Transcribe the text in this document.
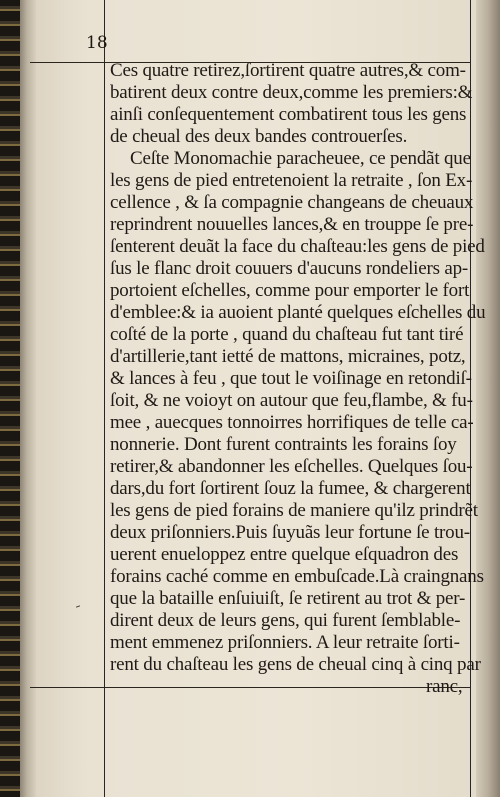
18
Ces quatre retirez,ſortirent quatre autres,& com-
batirent deux contre deux,comme les premiers:&
ainſi conſequentement combatirent tous les gens
de cheual des deux bandes controuerſes.
Ceſte Monomachie paracheuee, ce pendãt que
les gens de pied entretenoient la retraite , ſon Ex-
cellence , & ſa compagnie changeans de cheuaux
reprindrent nouuelles lances,& en trouppe ſe pre-
ſenterent deuãt la face du chaſteau:les gens de pied
ſus le flanc droit couuers d'aucuns rondeliers ap-
portoient eſchelles, comme pour emporter le fort
d'emblee:& ia auoient planté quelques eſchelles du
coſté de la porte , quand du chaſteau fut tant tiré
d'artillerie,tant ietté de mattons, micraines, potz,
& lances à feu , que tout le voiſinage en retondiſ-
ſoit, & ne voioyt on autour que feu,flambe, & fu-
mee , auecques tonnoirres horrifiques de telle ca-
nonnerie. Dont furent contraints les forains ſoy
retirer,& abandonner les eſchelles. Quelques ſou-
dars,du fort ſortirent ſouz la fumee, & chargerent
les gens de pied forains de maniere qu'ilz prindrẽt
deux priſonniers.Puis ſuyuãs leur fortune ſe trou-
uerent enueloppez entre quelque eſquadron des
forains caché comme en embuſcade.Là craingnans
que la bataille enſuiuiſt, ſe retirent au trot & per-
dirent deux de leurs gens, qui furent ſemblable-
ment emmenez priſonniers. A leur retraite ſorti-
rent du chaſteau les gens de cheual cinq à cinq par
ranc,
